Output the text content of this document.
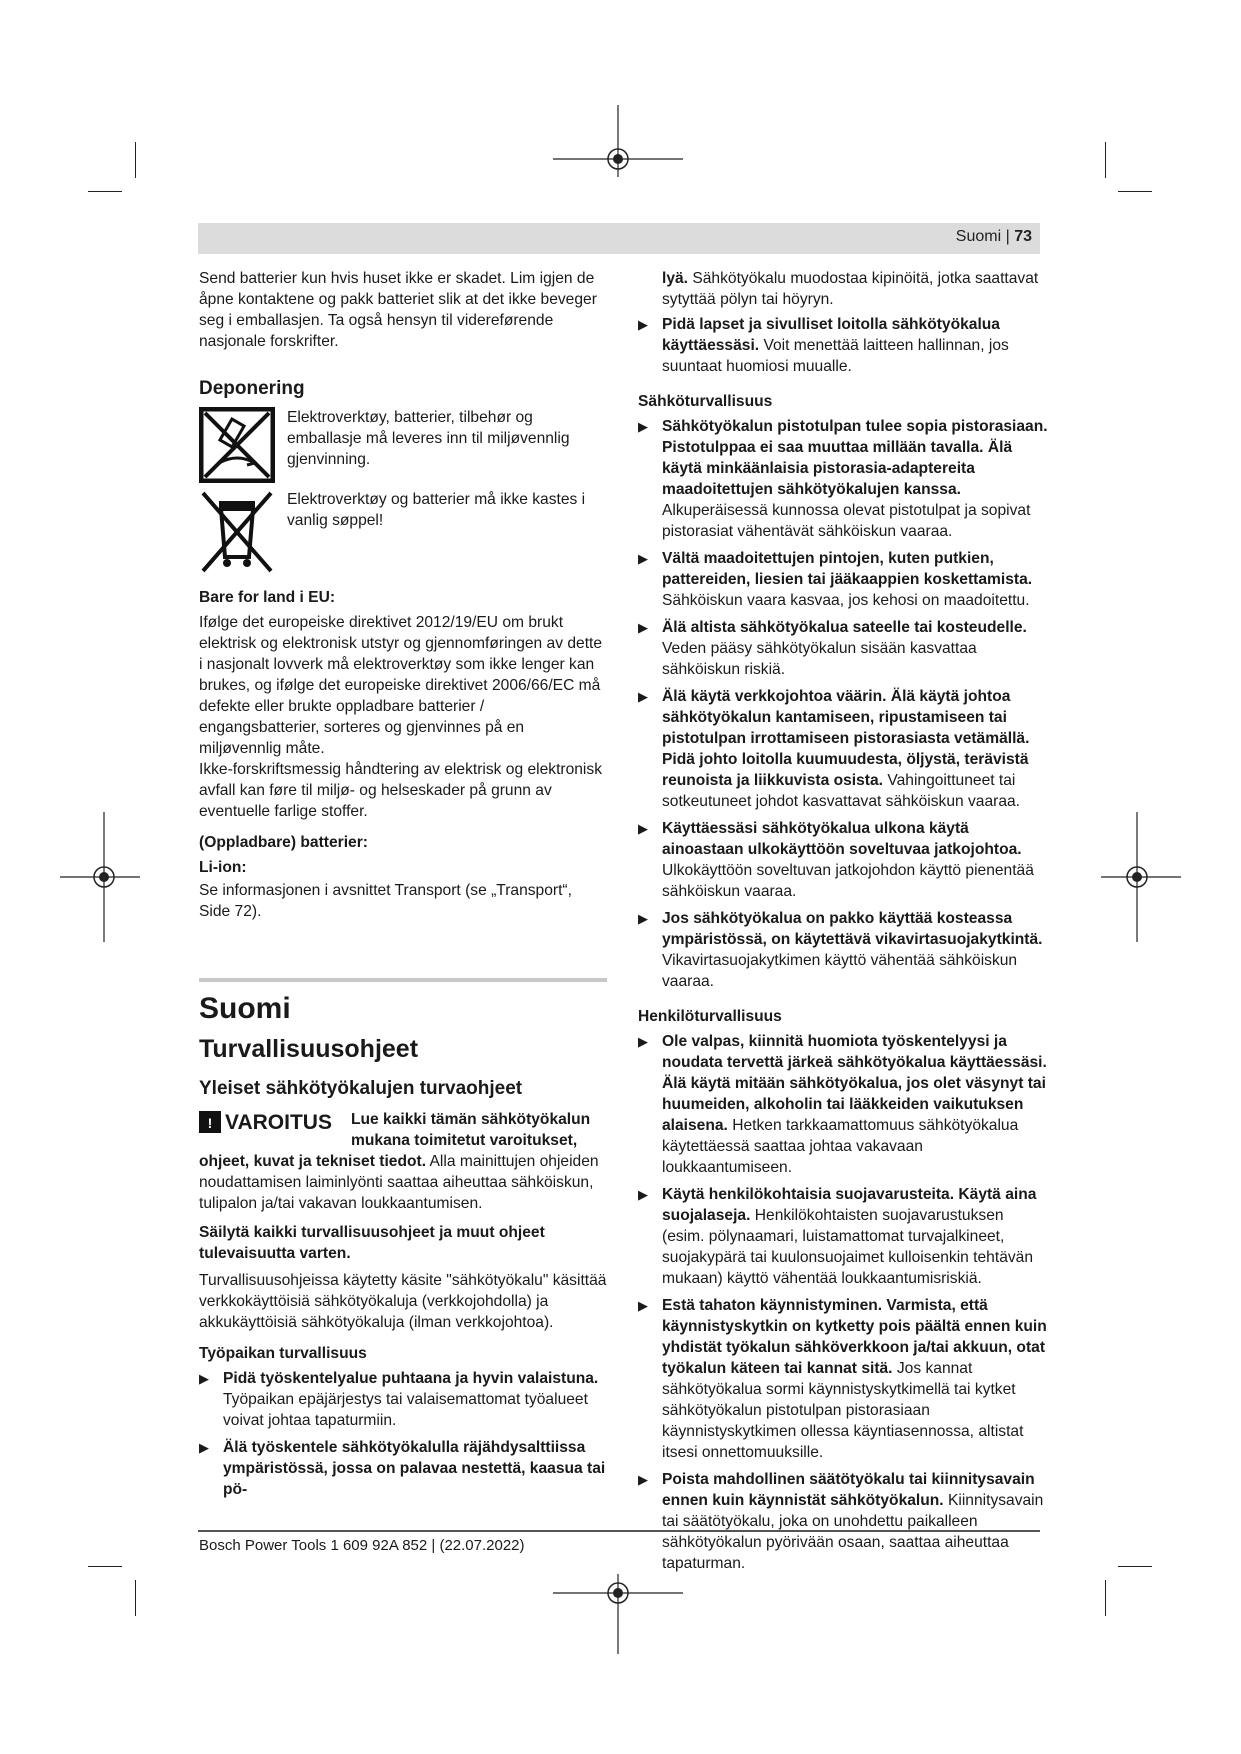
Suomi | 73

Send batterier kun hvis huset ikke er skadet. Lim igjen de åpne kontaktene og pakk batteriet slik at det ikke beveger seg i emballasjen. Ta også hensyn til videreførende nasjonale forskrifter.

Deponering
Elektroverktøy, batterier, tilbehør og emballasje må leveres inn til miljøvennlig gjenvinning.
Elektroverktøy og batterier må ikke kastes i vanlig søppel!
Bare for land i EU:

Ifølge det europeiske direktivet 2012/19/EU om brukt elektrisk og elektronisk utstyr og gjennomføringen av dette i nasjonalt lovverk må elektroverktøy som ikke lenger kan brukes, og ifølge det europeiske direktivet 2006/66/EC må defekte eller brukte oppladbare batterier / engangsbatterier, sorteres og gjenvinnes på en miljøvennlig måte.

Ikke-forskriftsmessig håndtering av elektrisk og elektronisk avfall kan føre til miljø- og helseskader på grunn av eventuelle farlige stoffer.

(Oppladbare) batterier:
Li-ion:

Se informasjonen i avsnittet Transport (se „Transport“, Side 72).

Suomi
Turvallisuusohjeet
Yleiset sähkötyökalujen turvaohjeet
! VAROITUS	Lue kaikki tämän sähkötyökalun mukana toimitetut varoitukset, ohjeet, kuvat ja tekniset tiedot. Alla mainittujen ohjeiden noudattamisen laiminlyönti saattaa aiheuttaa sähköiskun, tulipalon ja/tai vakavan loukkaantumisen.

Säilytä kaikki turvallisuusohjeet ja muut ohjeet tulevaisuutta varten.

Turvallisuusohjeissa käytetty käsite "sähkötyökalu" käsittää verkkokäyttöisiä sähkötyökaluja (verkkojohdolla) ja akkukäyttöisiä sähkötyökaluja (ilman verkkojohtoa).

Työpaikan turvallisuus
▶ Pidä työskentelyalue puhtaana ja hyvin valaistuna. Työpaikan epäjärjestys tai valaisemattomat työalueet voivat johtaa tapaturmiin.
▶ Älä työskentele sähkötyökalulla räjähdysalttiissa ympäristössä, jossa on palavaa nestettä, kaasua tai pö-
lyä. Sähkötyökalu muodostaa kipinöitä, jotka saattavat sytyttää pölyn tai höyryn.
▶ Pidä lapset ja sivulliset loitolla sähkötyökalua käyttäessäsi. Voit menettää laitteen hallinnan, jos suuntaat huomiosi muualle.
Sähköturvallisuus
▶ Sähkötyökalun pistotulpan tulee sopia pistorasiaan. Pistotulppaa ei saa muuttaa millään tavalla. Älä käytä minkäänlaisia pistorasia-adaptereita maadoitettujen sähkötyökalujen kanssa. Alkuperäisessä kunnossa olevat pistotulpat ja sopivat pistorasiat vähentävät sähköiskun vaaraa.
▶ Vältä maadoitettujen pintojen, kuten putkien, pattereiden, liesien tai jääkaappien koskettamista. Sähköiskun vaara kasvaa, jos kehosi on maadoitettu.
▶ Älä altista sähkötyökalua sateelle tai kosteudelle. Veden pääsy sähkötyökalun sisään kasvattaa sähköiskun riskiä.
▶ Älä käytä verkkojohtoa väärin. Älä käytä johtoa sähkötyökalun kantamiseen, ripustamiseen tai pistotulpan irrottamiseen pistorasiasta vetämällä. Pidä johto loitolla kuumuudesta, öljystä, terävistä reunoista ja liikkuvista osista. Vahingoittuneet tai sotkeutuneet johdot kasvattavat sähköiskun vaaraa.
▶ Käyttäessäsi sähkötyökalua ulkona käytä ainoastaan ulkokäyttöön soveltuvaa jatkojohtoa. Ulkokäyttöön soveltuvan jatkojohdon käyttö pienentää sähköiskun vaaraa.
▶ Jos sähkötyökalua on pakko käyttää kosteassa ympäristössä, on käytettävä vikavirtasuojakytkintä. Vikavirtasuojakytkimen käyttö vähentää sähköiskun vaaraa.
Henkilöturvallisuus
▶ Ole valpas, kiinnitä huomiota työskentelyysi ja noudata tervettä järkeä sähkötyökalua käyttäessäsi. Älä käytä mitään sähkötyökalua, jos olet väsynyt tai huumeiden, alkoholin tai lääkkeiden vaikutuksen alaisena. Hetken tarkkaamattomuus sähkötyökalua käytettäessä saattaa johtaa vakavaan loukkaantumiseen.
▶ Käytä henkilökohtaisia suojavarusteita. Käytä aina suojalaseja. Henkilökohtaisten suojavarustuksen (esim. pölynaamari, luistamattomat turvajalkineet, suojakypärä tai kuulonsuojaimet kulloisenkin tehtävän mukaan) käyttö vähentää loukkaantumisriskiä.
▶ Estä tahaton käynnistyminen. Varmista, että käynnistyskytkin on kytketty pois päältä ennen kuin yhdistät työkalun sähköverkkoon ja/tai akkuun, otat työkalun käteen tai kannat sitä. Jos kannat sähkötyökalua sormi käynnistyskytkimellä tai kytket sähkötyökalun pistotulpan pistorasiaan käynnistyskytkimen ollessa käyntiasennossa, altistat itsesi onnettomuuksille.
▶ Poista mahdollinen säätötyökalu tai kiinnitysavain ennen kuin käynnistät sähkötyökalun. Kiinnitysavain tai säätötyökalu, joka on unohdettu paikalleen sähkötyökalun pyörivään osaan, saattaa aiheuttaa tapaturman.
Bosch Power Tools 1 609 92A 852 | (22.07.2022)
